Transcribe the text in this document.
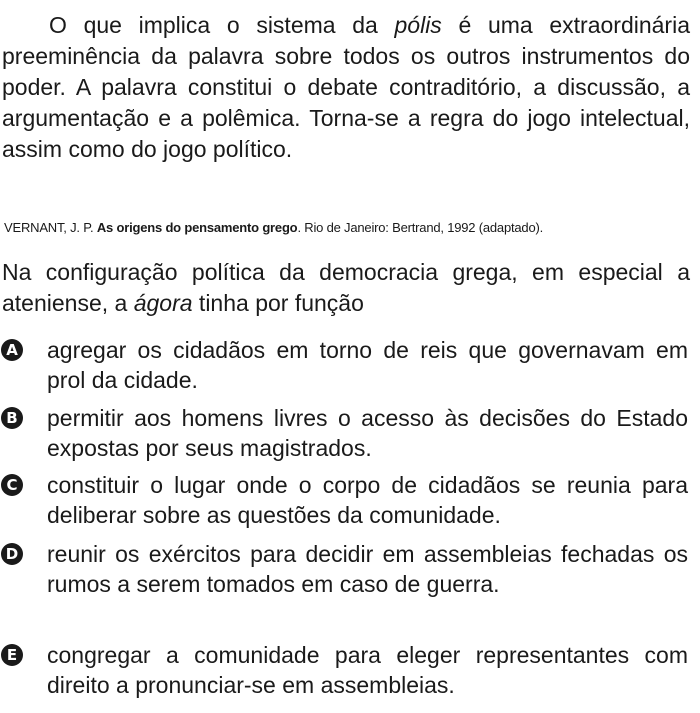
O que implica o sistema da pólis é uma extraordinária preeminência da palavra sobre todos os outros instrumentos do poder. A palavra constitui o debate contraditório, a discussão, a argumentação e a polêmica. Torna-se a regra do jogo intelectual, assim como do jogo político.

VERNANT, J. P. As origens do pensamento grego. Rio de Janeiro: Bertrand, 1992 (adaptado).

Na configuração política da democracia grega, em especial a ateniense, a ágora tinha por função

A agregar os cidadãos em torno de reis que governavam em prol da cidade.

B permitir aos homens livres o acesso às decisões do Estado expostas por seus magistrados.

C constituir o lugar onde o corpo de cidadãos se reunia para deliberar sobre as questões da comunidade.

D reunir os exércitos para decidir em assembleias fechadas os rumos a serem tomados em caso de guerra.

E congregar a comunidade para eleger representantes com direito a pronunciar-se em assembleias.
